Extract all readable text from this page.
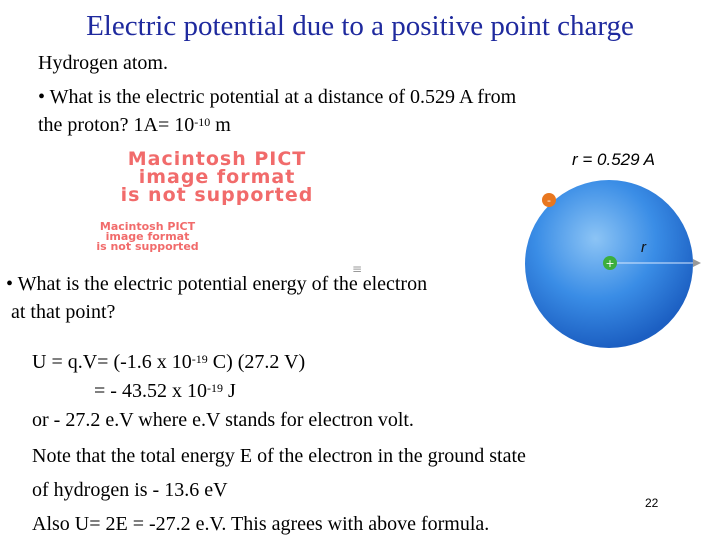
Electric potential due to a positive point charge
Hydrogen atom.
• What is the electric potential at a distance of 0.529 A from
the proton? $1A= 10^{-10}$ m
Macintosh PICT
image format
is not supported
Macintosh PICT
image format
is not supported
r = 0.529 A
r
-
+
≡
• What is the electric potential energy of the electron
at that point?
U = q.V= (-1.6 x $10^{-19}$ C) (27.2 V)
= - 43.52 x $10^{-19}$ J
or - 27.2 e.V where e.V stands for electron volt.
Note that the total energy E of the electron in the ground state
of hydrogen is - 13.6 eV
Also U= 2E = -27.2 e.V. This agrees with above formula.
22
